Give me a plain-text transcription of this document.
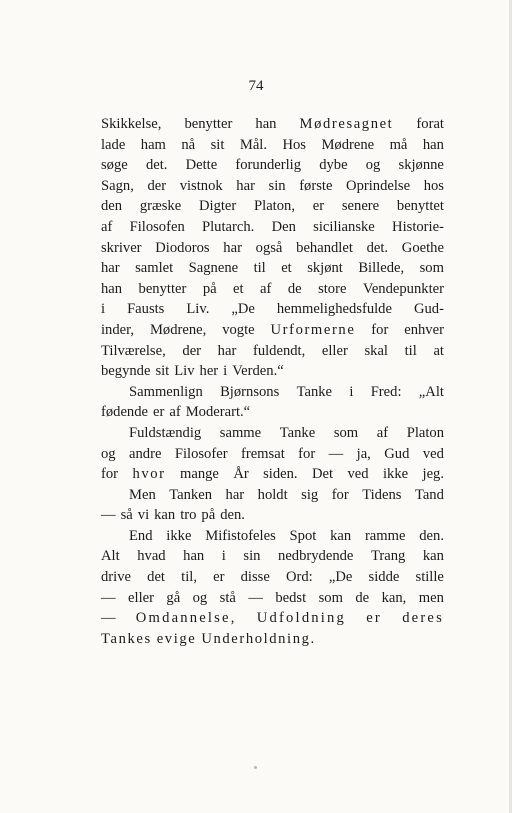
74
Skikkelse, benytter han Mødresagnet forat
lade ham nå sit Mål. Hos Mødrene må han
søge det. Dette forunderlig dybe og skjønne
Sagn, der vistnok har sin første Oprindelse hos
den græske Digter Platon, er senere benyttet
af Filosofen Plutarch. Den sicilianske Historie-
skriver Diodoros har også behandlet det. Goethe
har samlet Sagnene til et skjønt Billede, som
han benytter på et af de store Vendepunkter
i Fausts Liv. „De hemmelighedsfulde Gud-
inder, Mødrene, vogte Urformerne for enhver
Tilværelse, der har fuldendt, eller skal til at
begynde sit Liv her i Verden.“
Sammenlign Bjørnsons Tanke i Fred: „Alt
fødende er af Moderart.“
Fuldstændig samme Tanke som af Platon
og andre Filosofer fremsat for — ja, Gud ved
for hvor mange År siden. Det ved ikke jeg.
Men Tanken har holdt sig for Tidens Tand
— så vi kan tro på den.
End ikke Mifistofeles Spot kan ramme den.
Alt hvad han i sin nedbrydende Trang kan
drive det til, er disse Ord: „De sidde stille
— eller gå og stå — bedst som de kan, men
— Omdannelse, Udfoldning er deres
Tankes evige Underholdning.
